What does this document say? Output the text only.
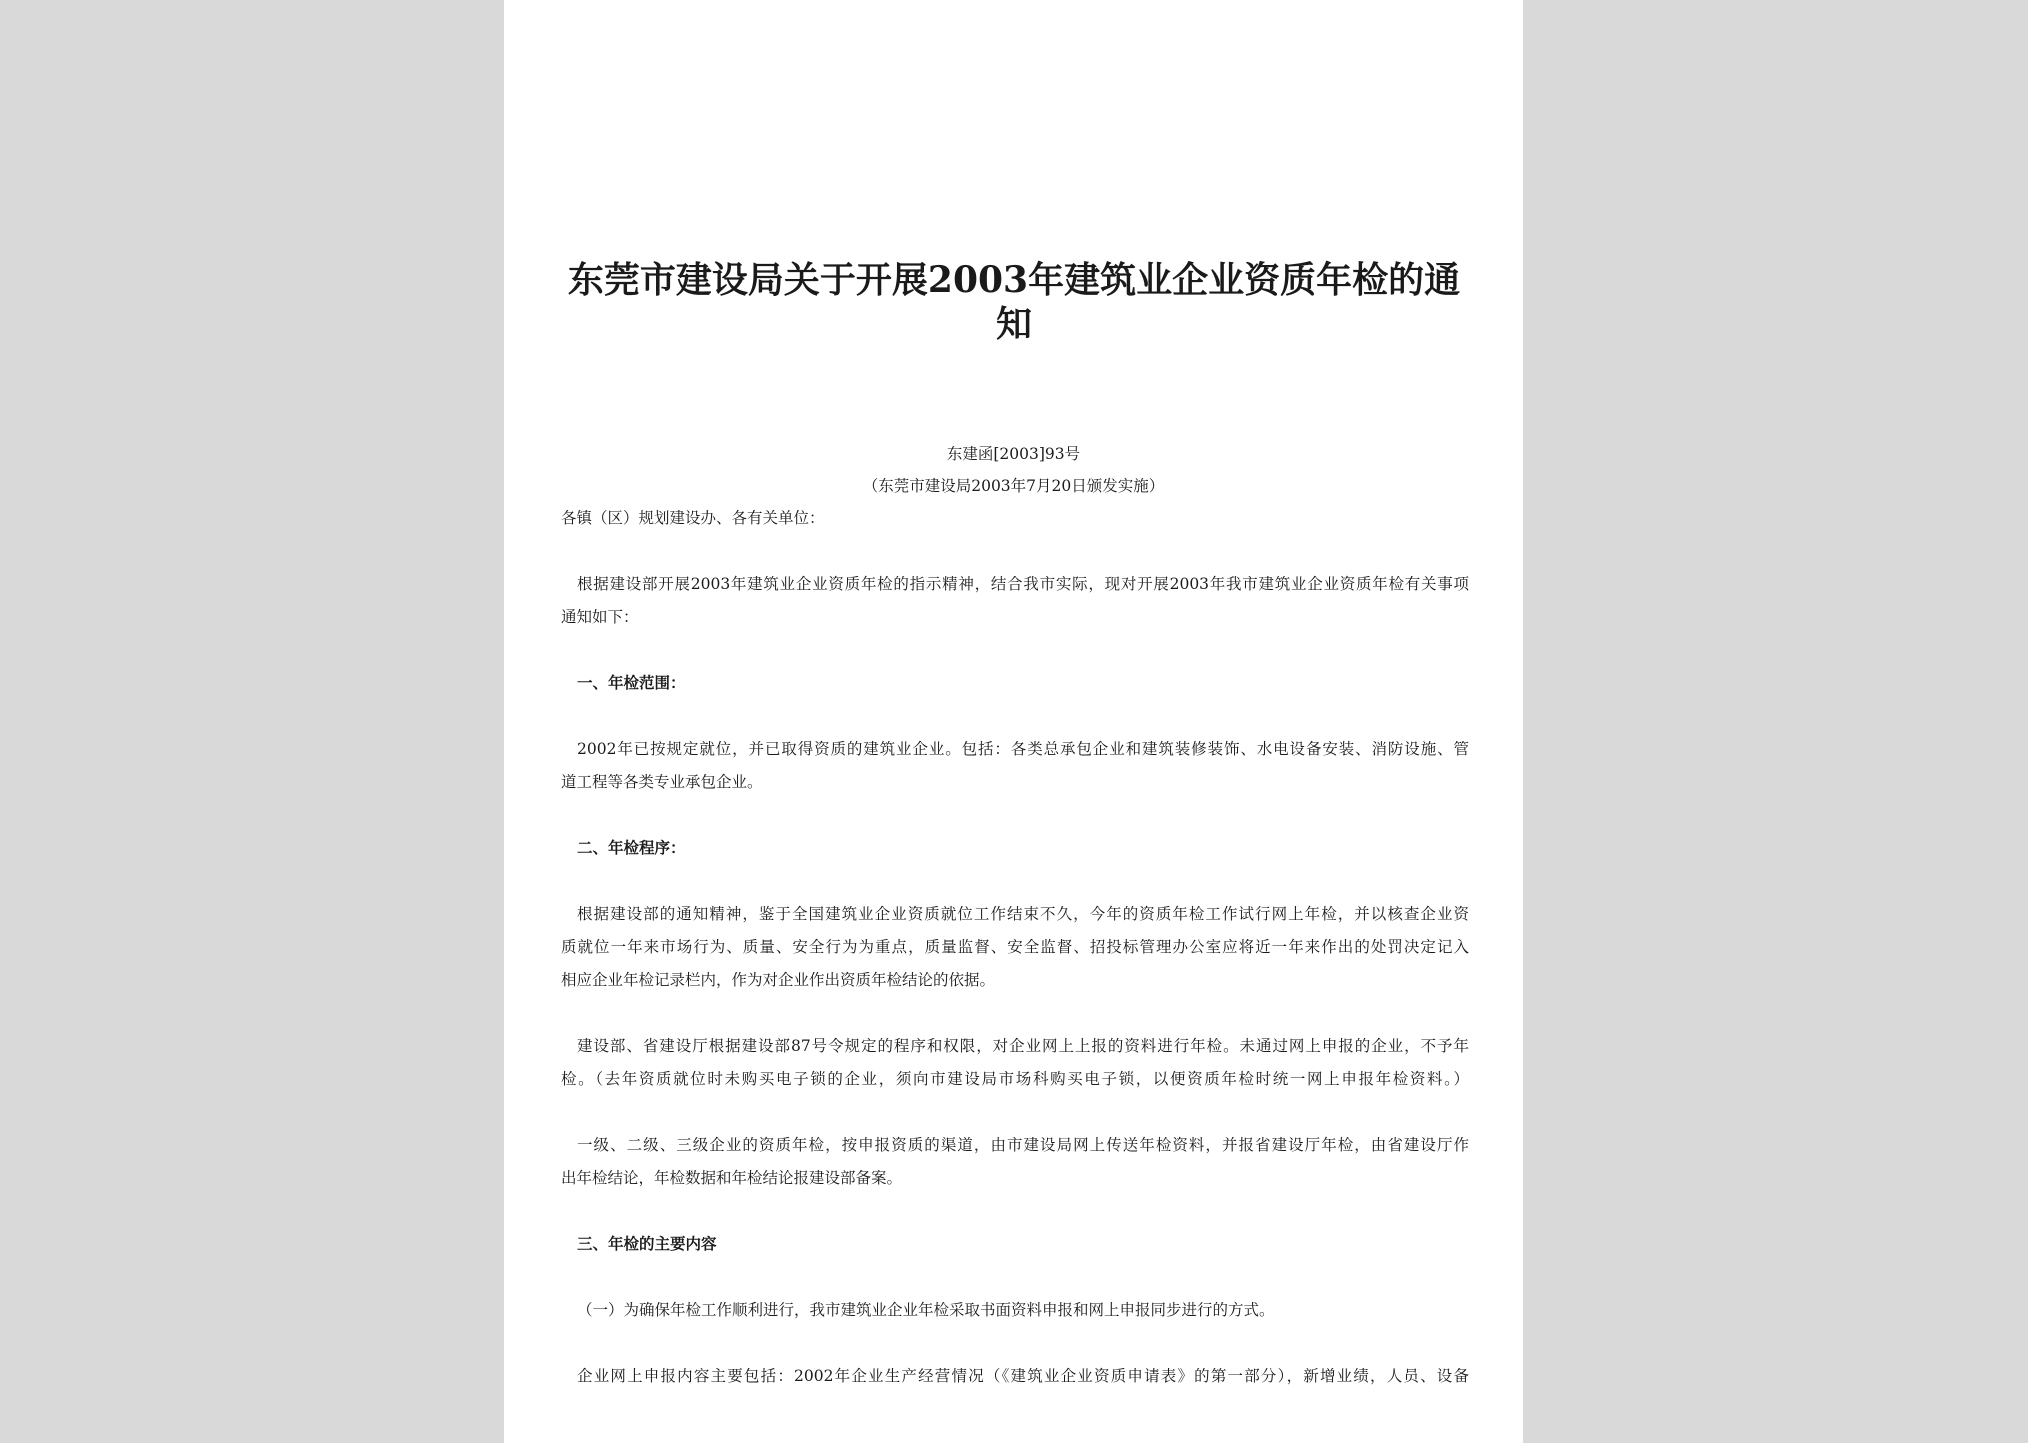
东莞市建设局关于开展2003年建筑业企业资质年检的通
知
东建函[2003]93号
（东莞市建设局2003年7月20日颁发实施）
各镇（区）规划建设办、各有关单位：
根据建设部开展2003年建筑业企业资质年检的指示精神，结合我市实际，现对开展2003年我市建筑业企业资质年检有关事项
通知如下：
一、年检范围：
2002年已按规定就位，并已取得资质的建筑业企业。包括：各类总承包企业和建筑装修装饰、水电设备安装、消防设施、管
道工程等各类专业承包企业。
二、年检程序：
根据建设部的通知精神，鉴于全国建筑业企业资质就位工作结束不久，今年的资质年检工作试行网上年检，并以核查企业资
质就位一年来市场行为、质量、安全行为为重点，质量监督、安全监督、招投标管理办公室应将近一年来作出的处罚决定记入
相应企业年检记录栏内，作为对企业作出资质年检结论的依据。
建设部、省建设厅根据建设部87号令规定的程序和权限，对企业网上上报的资料进行年检。未通过网上申报的企业，不予年
检。（去年资质就位时未购买电子锁的企业，须向市建设局市场科购买电子锁，以便资质年检时统一网上申报年检资料。）
一级、二级、三级企业的资质年检，按申报资质的渠道，由市建设局网上传送年检资料，并报省建设厅年检，由省建设厅作
出年检结论，年检数据和年检结论报建设部备案。
三、年检的主要内容
（一）为确保年检工作顺利进行，我市建筑业企业年检采取书面资料申报和网上申报同步进行的方式。
企业网上申报内容主要包括：2002年企业生产经营情况（《建筑业企业资质申请表》的第一部分），新增业绩，人员、设备
